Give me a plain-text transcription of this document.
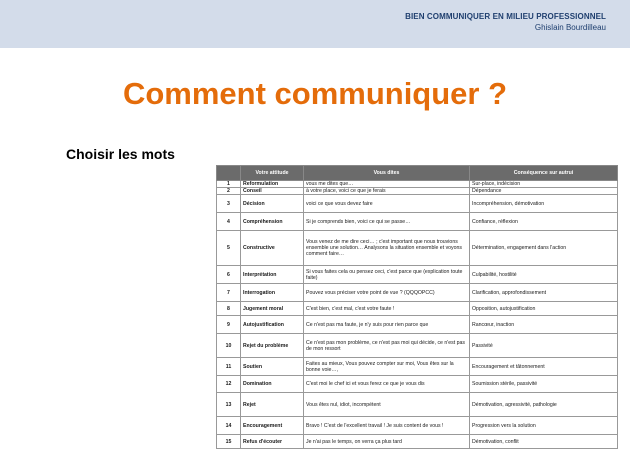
BIEN COMMUNIQUER EN MILIEU PROFESSIONNEL
Ghislain Bourdilleau
Comment communiquer ?
Choisir les mots
	Votre attitude	Vous dites	Conséquence sur autrui
1	Reformulation	vous me dites que…	Sur-place, indécision
2	Conseil	à votre place, voici ce que je ferais	Dépendance
3	Décision	voici ce que vous devez faire	Incompréhension, démotivation
4	Compréhension	Si je comprends bien, voici ce qui se passe…	Confiance, réflexion
5	Constructive	Vous venez de me dire ceci… ; c'est important que nous trouvions ensemble une solution… Analysons la situation ensemble et voyons comment faire…	Détermination, engagement dans l'action
6	Interprétation	Si vous faites cela ou pensez ceci, c'est parce que (explication toute faite)	Culpabilité, hostilité
7	Interrogation	Pouvez vous préciser votre point de vue ? (QQQOPCC)	Clarification, approfondissement
8	Jugement moral	C'est bien, c'est mal, c'est votre faute !	Opposition, autojustification
9	Autojustification	Ce n'est pas ma faute, je n'y suis pour rien parce que	Rancœur, inaction
10	Rejet du problème	Ce n'est pas mon problème, ce n'est pas moi qui décide, ce n'est pas de mon ressort	Passivité
11	Soutien	Faites au mieux, Vous pouvez compter sur moi, Vous êtes sur la bonne voie…,	Encouragement et tâtonnement
12	Domination	C'est moi le chef ici et vous ferez ce que je vous dis	Soumission stérile, passivité
13	Rejet	Vous êtes nul, idiot, incompétent	Démotivation, agressivité, pathologie
14	Encouragement	Bravo ! C'est de l'excellent travail ! Je suis content de vous !	Progression vers la solution
15	Refus d'écouter	Je n'ai pas le temps, on verra ça plus tard	Démotivation, conflit
